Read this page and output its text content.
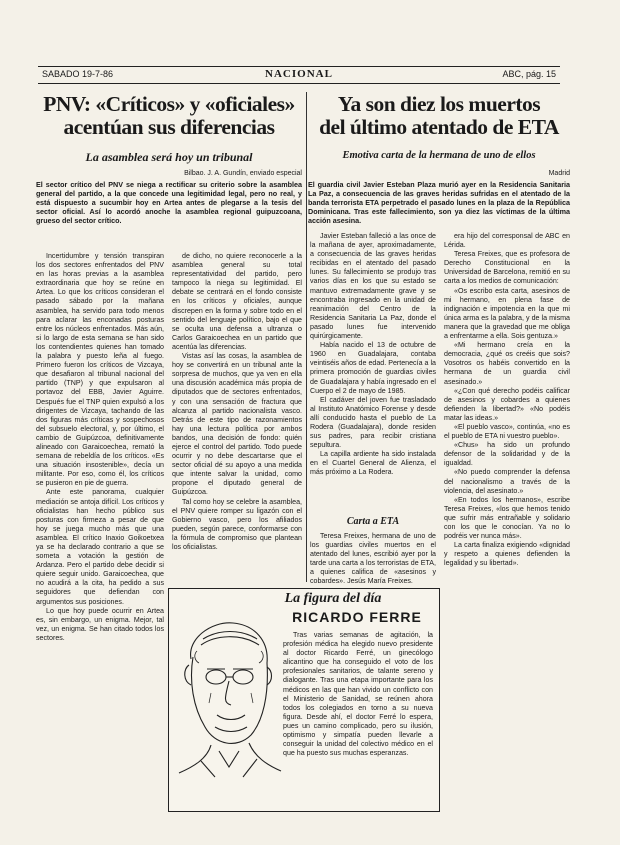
SABADO 19-7-86	NACIONAL	ABC, pág. 15
PNV: «Críticos» y «oficiales»
acentúan sus diferencias
La asamblea será hoy un tribunal
Bilbao. J. A. Gundín, enviado especial
El sector crítico del PNV se niega a rectificar su criterio sobre la asamblea general del partido, a la que concede una legitimidad legal, pero no real, y está dispuesto a sucumbir hoy en Artea antes de plegarse a la tesis del sector oficial. Así lo acordó anoche la asamblea regional guipuzcoana, grueso del sector crítico.

Incertidumbre y tensión transpiran los dos sectores enfrentados del PNV en las horas previas a la asamblea extraordinaria que hoy se reúne en Artea. Lo que los críticos consideran el pasado sábado por la mañana asamblea, ha servido para todo menos para aclarar las enconadas posturas entre los núcleos enfrentados. Más aún, si lo largo de esta semana se han sido los contendientes quienes han tomado la palabra y puesto leña al fuego. Primero fueron los críticos de Vizcaya, que desafiaron al tribunal nacional del partido (TNP) y que expulsaron al portavoz del EBB, Javier Aguirre. Después fue el TNP quien expulsó a los dirigentes de Vizcaya, tachando de las dos figuras más críticas y sospechosos del subsuelo electoral, y, por último, el cambio de Guipúzcoa, definitivamente alineado con Garaicoechea, remató la semana de rebeldía de los críticos. «Es una situación insostenible», decía un militante. Por eso, como él, los críticos se pusieron en pie de guerra.

Ante este panorama, cualquier mediación se antoja difícil. Los críticos y oficialistas han hecho público sus posturas con firmeza a pesar de que hoy se juega mucho más que una asamblea. El crítico Inaxio Goikoetxea ya se ha declarado contrario a que se someta a votación la gestión de Ardanza. Pero el partido debe decidir si quiere seguir unido. Garaicoechea, que no acudirá a la cita, ha pedido a sus seguidores que defiendan con argumentos sus posiciones.

Lo que hoy puede ocurrir en Artea es, sin embargo, un enigma. Mejor, tal vez, un enigma. Se han citado todos los sectores.

de dicho, no quiere reconocerle a la asamblea general su total representatividad del partido, pero tampoco la niega su legitimidad. El debate se centrará en el fondo consiste en los críticos y oficiales, aunque discrepen en la forma y sobre todo en el sentido del lenguaje político, bajo el que se oculta una defensa a ultranza o Carlos Garaicoechea en un partido que acentúa las diferencias.

Vistas así las cosas, la asamblea de hoy se convertirá en un tribunal ante la sorpresa de muchos, que ya ven en ella una discusión académica más propia de diputados que de sectores enfrentados, y con una sensación de fractura que alcanza al partido nacionalista vasco. Detrás de este tipo de razonamientos hay una lectura política por ambos bandos, una decisión de fondo: quién ejerce el control del partido. Todo puede ocurrir y no debe descartarse que el sector oficial dé su apoyo a una medida que intente salvar la unidad, como propone el diputado general de Guipúzcoa.

Tal como hoy se celebre la asamblea, el PNV quiere romper su ligazón con el Gobierno vasco, pero los afiliados pueden, según parece, conformarse con la fórmula de compromiso que plantean los oficialistas.

Ya son diez los muertos
del último atentado de ETA
Emotiva carta de la hermana de uno de ellos
Madrid
El guardia civil Javier Esteban Plaza murió ayer en la Residencia Sanitaria La Paz, a consecuencia de las graves heridas sufridas en el atentado de la banda terrorista ETA perpetrado el pasado lunes en la plaza de la República Dominicana. Tras este fallecimiento, son ya diez las víctimas de la última acción asesina.

Javier Esteban falleció a las once de la mañana de ayer, aproximadamente, a consecuencia de las graves heridas recibidas en el atentado del pasado lunes. Su fallecimiento se produjo tras varios días en los que su estado se mantuvo extremadamente grave y se encontraba ingresado en la unidad de reanimación del Centro de la Residencia Sanitaria La Paz, donde el pasado lunes fue intervenido quirúrgicamente.

Había nacido el 13 de octubre de 1960 en Guadalajara, contaba veintiséis años de edad. Pertenecía a la primera promoción de guardias civiles de Guadalajara y había ingresado en el Cuerpo el 2 de mayo de 1985.

El cadáver del joven fue trasladado al Instituto Anatómico Forense y desde allí conducido hasta el pueblo de La Rodera (Guadalajara), donde residen sus padres, para recibir cristiana sepultura.

La capilla ardiente ha sido instalada en el Cuartel General de Alienza, el más próximo a La Rodera.

Carta a ETA

Teresa Freixes, hermana de uno de los guardias civiles muertos en el atentado del lunes, escribió ayer por la tarde una carta a los terroristas de ETA, a quienes califica de «asesinos y cobardes». Jesús María Freixes.

era hijo del corresponsal de ABC en Lérida.

Teresa Freixes, que es profesora de Derecho Constitucional en la Universidad de Barcelona, remitió en su carta a los medios de comunicación:

«Os escribo esta carta, asesinos de mi hermano, en plena fase de indignación e impotencia en la que mi única arma es la palabra, y de la misma manera que la gravedad que me obliga a enfrentarme a ella. Sois gentuza.»

«Mi hermano creía en la democracia, ¿qué os creéis que sois? Vosotros os habéis convertido en la hermana de un guardia civil asesinado.»

«¿Con qué derecho podéis calificar de asesinos y cobardes a quienes defienden la libertad?» «No podéis matar las ideas.»

«El pueblo vasco», continúa, «no es el pueblo de ETA ni vuestro pueblo».

«Chus» ha sido un profundo defensor de la solidaridad y de la igualdad.

«No puedo comprender la defensa del nacionalismo a través de la violencia, del asesinato.»

«En todos los hermanos», escribe Teresa Freixes, «los que hemos tenido que sufrir más entrañable y solidario con los que le conocían. Ya no lo podréis ver nunca más».

La carta finaliza exigiendo «dignidad y respeto a quienes defienden la legalidad y su libertad».

La figura del día
RICARDO FERRE

Tras varias semanas de agitación, la profesión médica ha elegido nuevo presidente al doctor Ricardo Ferré, un ginecólogo alicantino que ha conseguido el voto de los profesionales sanitarios, de talante sereno y dialogante. Tras una etapa importante para los médicos en las que han vivido un conflicto con el Ministerio de Sanidad, se reúnen ahora todos los colegiados en torno a su nueva figura. Desde ahí, el doctor Ferré lo espera, pues un camino complicado, pero su ilusión, optimismo y simpatía pueden llevarle a conseguir la unidad del colectivo médico en el que ha puesto sus muchas esperanzas.
